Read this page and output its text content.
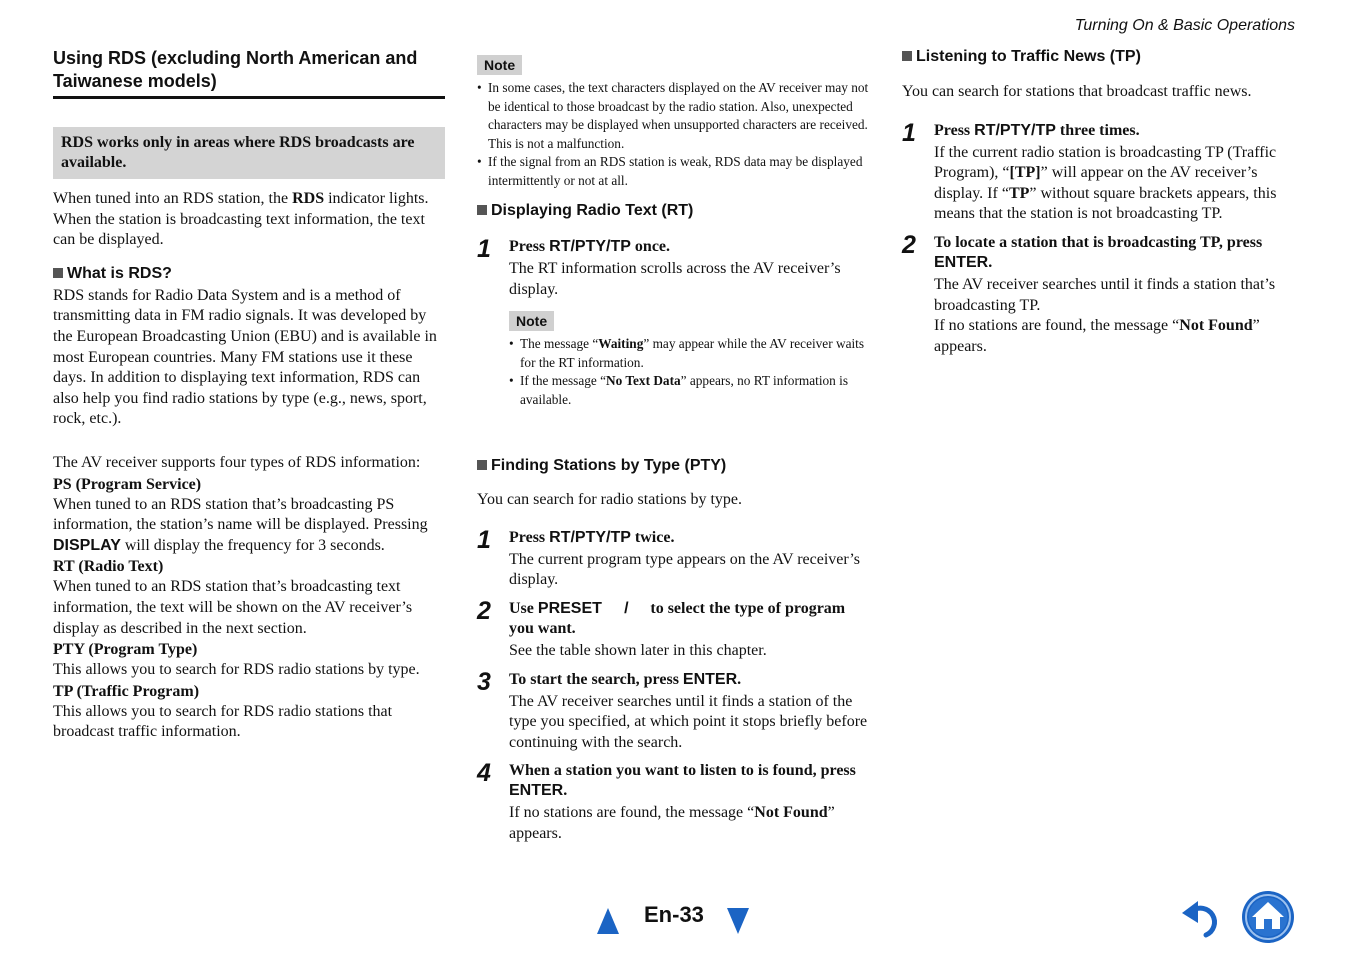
Turning On & Basic Operations
Using RDS (excluding North American and Taiwanese models)
RDS works only in areas where RDS broadcasts are available.

When tuned into an RDS station, the RDS indicator lights. When the station is broadcasting text information, the text can be displayed.

What is RDS?

RDS stands for Radio Data System and is a method of transmitting data in FM radio signals. It was developed by the European Broadcasting Union (EBU) and is available in most European countries. Many FM stations use it these days. In addition to displaying text information, RDS can also help you find radio stations by type (e.g., news, sport, rock, etc.).

The AV receiver supports four types of RDS information:

PS (Program Service)

When tuned to an RDS station that’s broadcasting PS information, the station’s name will be displayed. Pressing DISPLAY will display the frequency for 3 seconds.

RT (Radio Text)

When tuned to an RDS station that’s broadcasting text information, the text will be shown on the AV receiver’s display as described in the next section.

PTY (Program Type)

This allows you to search for RDS radio stations by type.

TP (Traffic Program)

This allows you to search for RDS radio stations that broadcast traffic information.

Note
• In some cases, the text characters displayed on the AV receiver may not be identical to those broadcast by the radio station. Also, unexpected characters may be displayed when unsupported characters are received. This is not a malfunction.
• If the signal from an RDS station is weak, RDS data may be displayed intermittently or not at all.
Displaying Radio Text (RT)
1 Press RT/PTY/TP once.

The RT information scrolls across the AV receiver’s display.

Note
• The message “Waiting” may appear while the AV receiver waits for the RT information.
• If the message “No Text Data” appears, no RT information is available.
Finding Stations by Type (PTY)

You can search for radio stations by type.

1 Press RT/PTY/TP twice.

The current program type appears on the AV receiver’s display.

2 Use PRESET     /     to select the type of program you want.

See the table shown later in this chapter.

3 To start the search, press ENTER.

The AV receiver searches until it finds a station of the type you specified, at which point it stops briefly before continuing with the search.

4 When a station you want to listen to is found, press ENTER.

If no stations are found, the message “Not Found” appears.

Listening to Traffic News (TP)

You can search for stations that broadcast traffic news.

1 Press RT/PTY/TP three times.

If the current radio station is broadcasting TP (Traffic Program), “[TP]” will appear on the AV receiver’s display. If “TP” without square brackets appears, this means that the station is not broadcasting TP.

2 To locate a station that is broadcasting TP, press ENTER.

The AV receiver searches until it finds a station that’s broadcasting TP.

If no stations are found, the message “Not Found” appears.

En-33
